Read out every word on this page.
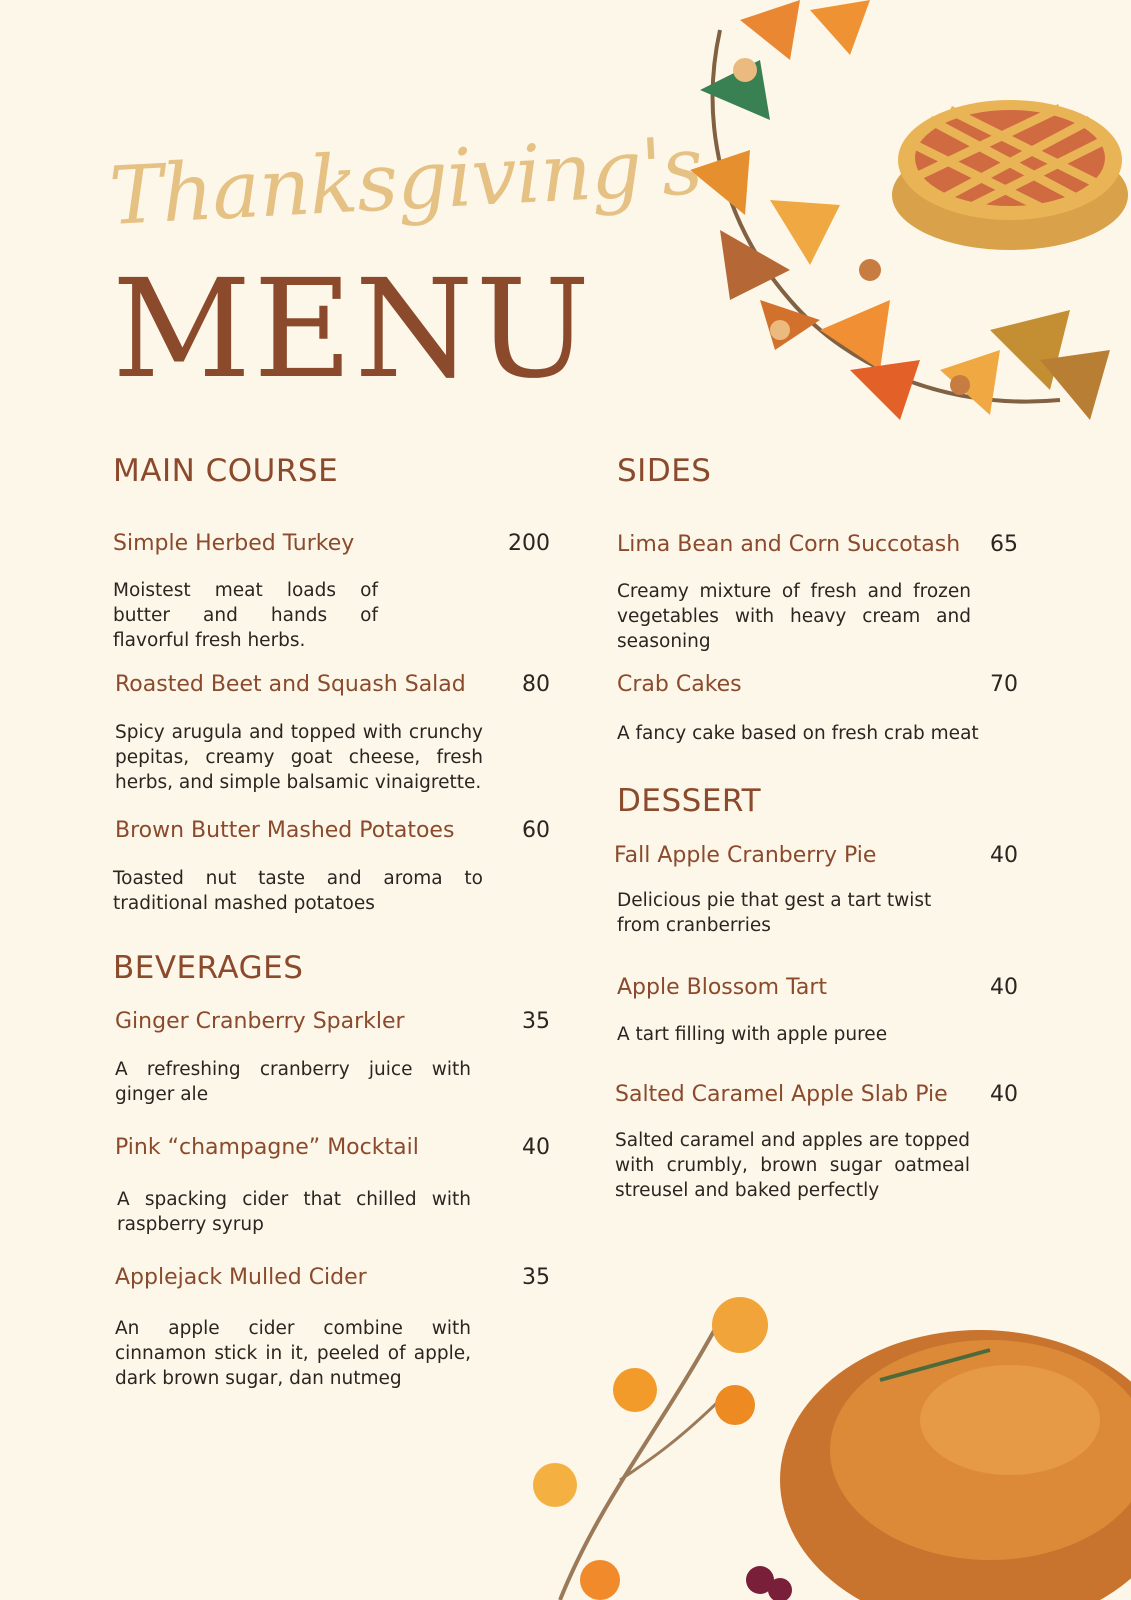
Thanksgiving's
MENU
MAIN COURSE
Simple Herbed Turkey	200
Moistest meat loads of butter and hands of flavorful fresh herbs.
Roasted Beet and Squash Salad	80
Spicy arugula and topped with crunchy pepitas, creamy goat cheese, fresh herbs, and simple balsamic vinaigrette.
Brown Butter Mashed Potatoes	60
Toasted nut taste and aroma to traditional mashed potatoes
BEVERAGES
Ginger Cranberry Sparkler	35
A refreshing cranberry juice with ginger ale
Pink “champagne” Mocktail	40
A spacking cider that chilled with raspberry syrup
Applejack Mulled Cider	35
An apple cider combine with cinnamon stick in it, peeled of apple, dark brown sugar, dan nutmeg
SIDES
Lima Bean and Corn Succotash	65
Creamy mixture of fresh and frozen vegetables with heavy cream and seasoning
Crab Cakes	70
A fancy cake based on fresh crab meat
DESSERT
Fall Apple Cranberry Pie	40
Delicious pie that gest a tart twist from cranberries
Apple Blossom Tart	40
A tart filling with apple puree
Salted Caramel Apple Slab Pie	40
Salted caramel and apples are topped with crumbly, brown sugar oatmeal streusel and baked perfectly
